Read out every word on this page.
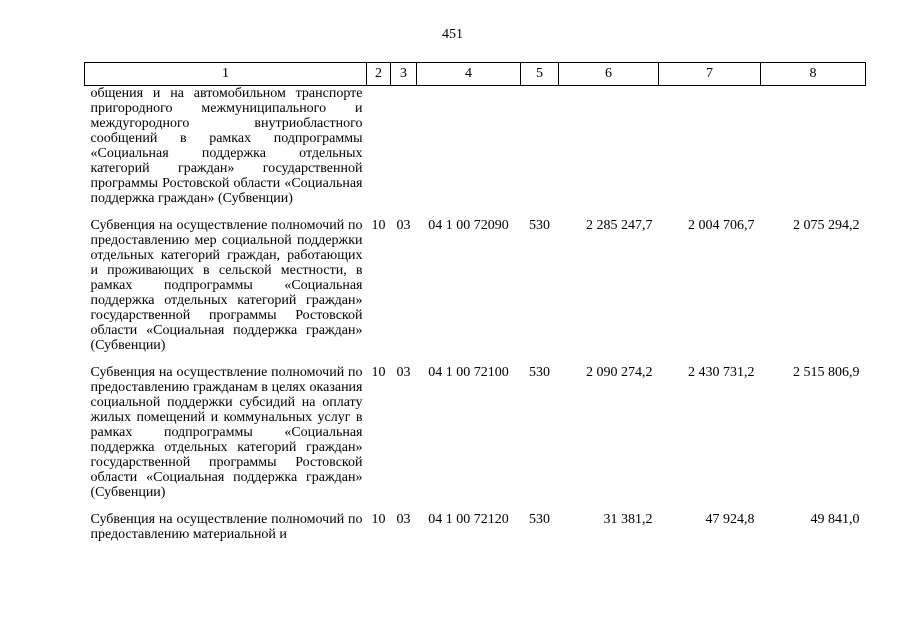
451
1	2	3	4	5	6	7	8
общения и на автомобильном транспорте пригородного межмуниципального и междугородного внутриобластного сообщений в рамках подпрограммы «Социальная поддержка отдельных категорий граждан» государственной программы Ростовской области «Социальная поддержка граждан» (Субвенции)							
Субвенция на осуществление полномочий по предоставлению мер социальной поддержки отдельных категорий граждан, работающих и проживающих в сельской местности, в рамках подпрограммы «Социальная поддержка отдельных категорий граждан» государственной программы Ростовской области «Социальная поддержка граждан» (Субвенции)	10	03	04 1 00 72090	530	2 285 247,7	2 004 706,7	2 075 294,2
Субвенция на осуществление полномочий по предоставлению гражданам в целях оказания социальной поддержки субсидий на оплату жилых помещений и коммунальных услуг в рамках подпрограммы «Социальная поддержка отдельных категорий граждан» государственной программы Ростовской области «Социальная поддержка граждан» (Субвенции)	10	03	04 1 00 72100	530	2 090 274,2	2 430 731,2	2 515 806,9
Субвенция на осуществление полномочий по предоставлению материальной и	10	03	04 1 00 72120	530	31 381,2	47 924,8	49 841,0
